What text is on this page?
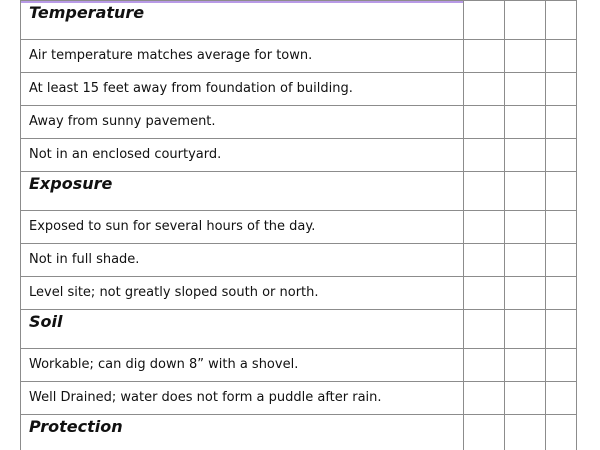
Temperature			

Air temperature matches average for town.			

At least 15 feet away from foundation of building.			

Away from sunny pavement.			

Not in an enclosed courtyard.			

Exposure			

Exposed to sun for several hours of the day.			

Not in full shade.			

Level site; not greatly sloped south or north.			

Soil			

Workable; can dig down 8” with a shovel.			

Well Drained; water does not form a puddle after rain.			

Protection			
